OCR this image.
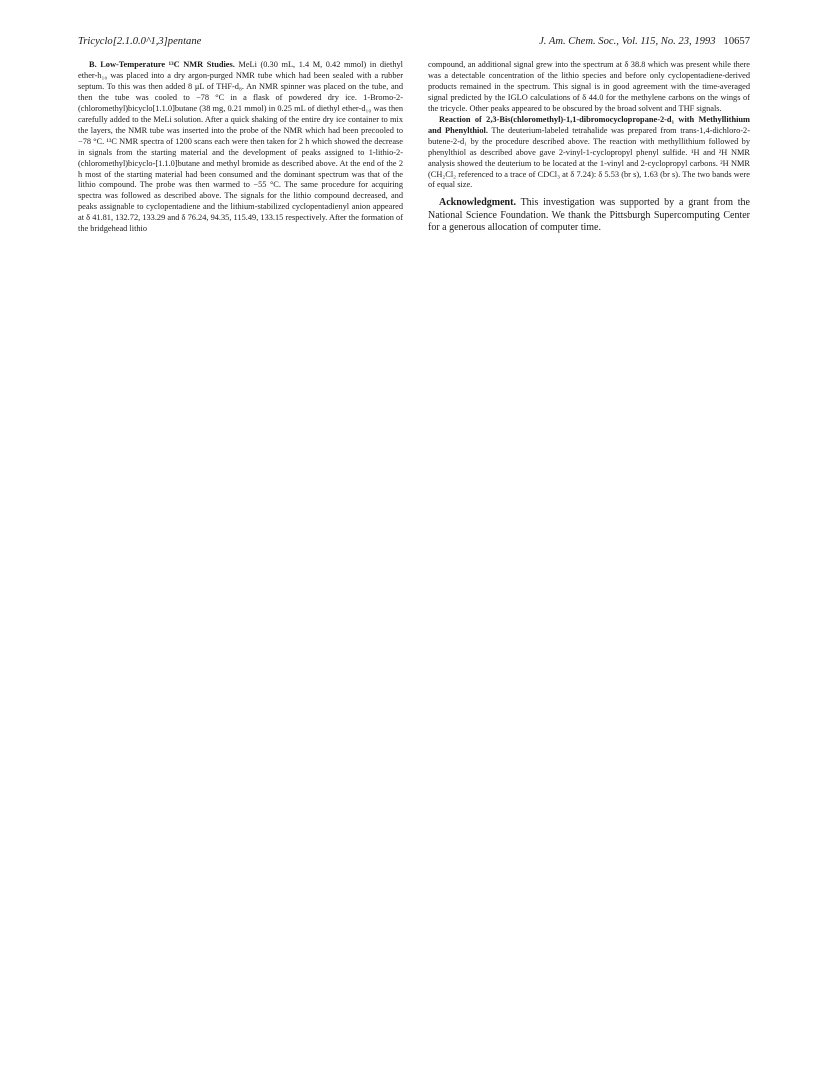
Tricyclo[2.1.0.0^1,3]pentane	J. Am. Chem. Soc., Vol. 115, No. 23, 1993 10657

B. Low-Temperature ¹³C NMR Studies. MeLi (0.30 mL, 1.4 M, 0.42 mmol) in diethyl ether-h₁₀ was placed into a dry argon-purged NMR tube which had been sealed with a rubber septum. To this was then added 8 μL of THF-d₈. An NMR spinner was placed on the tube, and then the tube was cooled to −78 °C in a flask of powdered dry ice. 1-Bromo-2-(chloromethyl)bicyclo[1.1.0]butane (38 mg, 0.21 mmol) in 0.25 mL of diethyl ether-d₁₀ was then carefully added to the MeLi solution. After a quick shaking of the entire dry ice container to mix the layers, the NMR tube was inserted into the probe of the NMR which had been precooled to −78 °C. ¹³C NMR spectra of 1200 scans each were then taken for 2 h which showed the decrease in signals from the starting material and the development of peaks assigned to 1-lithio-2-(chloromethyl)bicyclo-[1.1.0]butane and methyl bromide as described above. At the end of the 2 h most of the starting material had been consumed and the dominant spectrum was that of the lithio compound. The probe was then warmed to −55 °C. The same procedure for acquiring spectra was followed as described above. The signals for the lithio compound decreased, and peaks assignable to cyclopentadiene and the lithium-stabilized cyclopentadienyl anion appeared at δ 41.81, 132.72, 133.29 and δ 76.24, 94.35, 115.49, 133.15 respectively. After the formation of the bridgehead lithio

compound, an additional signal grew into the spectrum at δ 38.8 which was present while there was a detectable concentration of the lithio species and before only cyclopentadiene-derived products remained in the spectrum. This signal is in good agreement with the time-averaged signal predicted by the IGLO calculations of δ 44.0 for the methylene carbons on the wings of the tricycle. Other peaks appeared to be obscured by the broad solvent and THF signals.

Reaction of 2,3-Bis(chloromethyl)-1,1-dibromocyclopropane-2-d₁ with Methyllithium and Phenylthiol. The deuterium-labeled tetrahalide was prepared from trans-1,4-dichloro-2-butene-2-d₁ by the procedure described above. The reaction with methyllithium followed by phenylthiol as described above gave 2-vinyl-1-cyclopropyl phenyl sulfide. ¹H and ²H NMR analysis showed the deuterium to be located at the 1-vinyl and 2-cyclopropyl carbons. ²H NMR (CH₂Cl₂ referenced to a trace of CDCl₃ at δ 7.24): δ 5.53 (br s), 1.63 (br s). The two bands were of equal size.

Acknowledgment. This investigation was supported by a grant from the National Science Foundation. We thank the Pittsburgh Supercomputing Center for a generous allocation of computer time.
